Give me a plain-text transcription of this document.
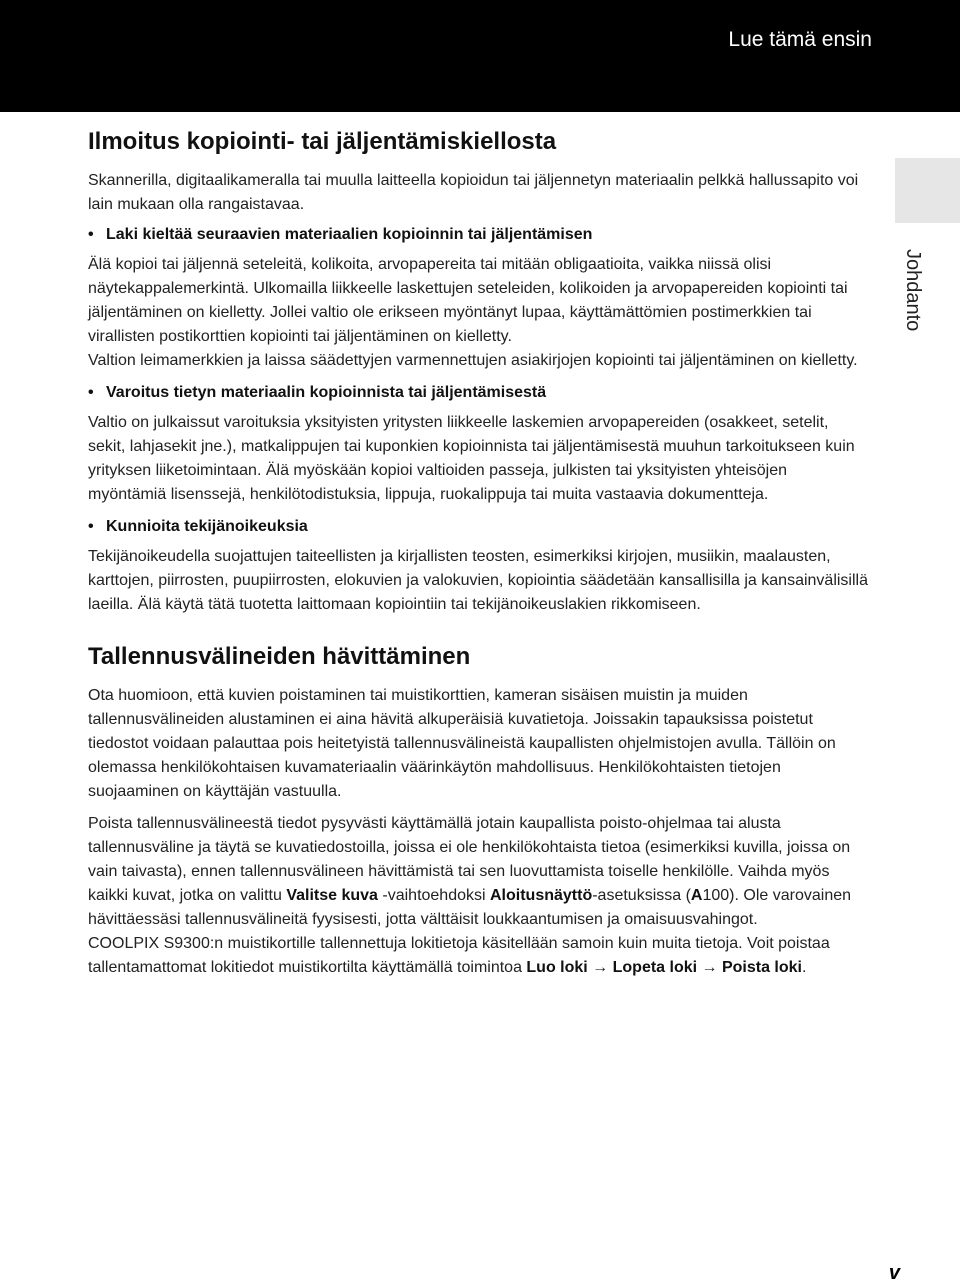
Lue tämä ensin
Johdanto
Ilmoitus kopiointi- tai jäljentämiskiellosta

Skannerilla, digitaalikameralla tai muulla laitteella kopioidun tai jäljennetyn materiaalin pelkkä hallussapito voi lain mukaan olla rangaistavaa.

• Laki kieltää seuraavien materiaalien kopioinnin tai jäljentämisen

Älä kopioi tai jäljennä seteleitä, kolikoita, arvopapereita tai mitään obligaatioita, vaikka niissä olisi näytekappalemerkintä. Ulkomailla liikkeelle laskettujen seteleiden, kolikoiden ja arvopapereiden kopiointi tai jäljentäminen on kielletty. Jollei valtio ole erikseen myöntänyt lupaa, käyttämättömien postimerkkien tai virallisten postikorttien kopiointi tai jäljentäminen on kielletty.

Valtion leimamerkkien ja laissa säädettyjen varmennettujen asiakirjojen kopiointi tai jäljentäminen on kielletty.

• Varoitus tietyn materiaalin kopioinnista tai jäljentämisestä

Valtio on julkaissut varoituksia yksityisten yritysten liikkeelle laskemien arvopapereiden (osakkeet, setelit, sekit, lahjasekit jne.), matkalippujen tai kuponkien kopioinnista tai jäljentämisestä muuhun tarkoitukseen kuin yrityksen liiketoimintaan. Älä myöskään kopioi valtioiden passeja, julkisten tai yksityisten yhteisöjen myöntämiä lisenssejä, henkilötodistuksia, lippuja, ruokalippuja tai muita vastaavia dokumentteja.

• Kunnioita tekijänoikeuksia

Tekijänoikeudella suojattujen taiteellisten ja kirjallisten teosten, esimerkiksi kirjojen, musiikin, maalausten, karttojen, piirrosten, puupiirrosten, elokuvien ja valokuvien, kopiointia säädetään kansallisilla ja kansainvälisillä laeilla. Älä käytä tätä tuotetta laittomaan kopiointiin tai tekijänoikeuslakien rikkomiseen.

Tallennusvälineiden hävittäminen

Ota huomioon, että kuvien poistaminen tai muistikorttien, kameran sisäisen muistin ja muiden tallennusvälineiden alustaminen ei aina hävitä alkuperäisiä kuvatietoja. Joissakin tapauksissa poistetut tiedostot voidaan palauttaa pois heitetyistä tallennusvälineistä kaupallisten ohjelmistojen avulla. Tällöin on olemassa henkilökohtaisen kuvamateriaalin väärinkäytön mahdollisuus. Henkilökohtaisten tietojen suojaaminen on käyttäjän vastuulla.

Poista tallennusvälineestä tiedot pysyvästi käyttämällä jotain kaupallista poisto-ohjelmaa tai alusta tallennusväline ja täytä se kuvatiedostoilla, joissa ei ole henkilökohtaista tietoa (esimerkiksi kuvilla, joissa on vain taivasta), ennen tallennusvälineen hävittämistä tai sen luovuttamista toiselle henkilölle. Vaihda myös kaikki kuvat, jotka on valittu Valitse kuva -vaihtoehdoksi Aloitusnäyttö-asetuksissa (A100). Ole varovainen hävittäessäsi tallennusvälineitä fyysisesti, jotta välttäisit loukkaantumisen ja omaisuusvahingot.

COOLPIX S9300:n muistikortille tallennettuja lokitietoja käsitellään samoin kuin muita tietoja. Voit poistaa tallentamattomat lokitiedot muistikortilta käyttämällä toimintoa Luo loki → Lopeta loki → Poista loki.

v
